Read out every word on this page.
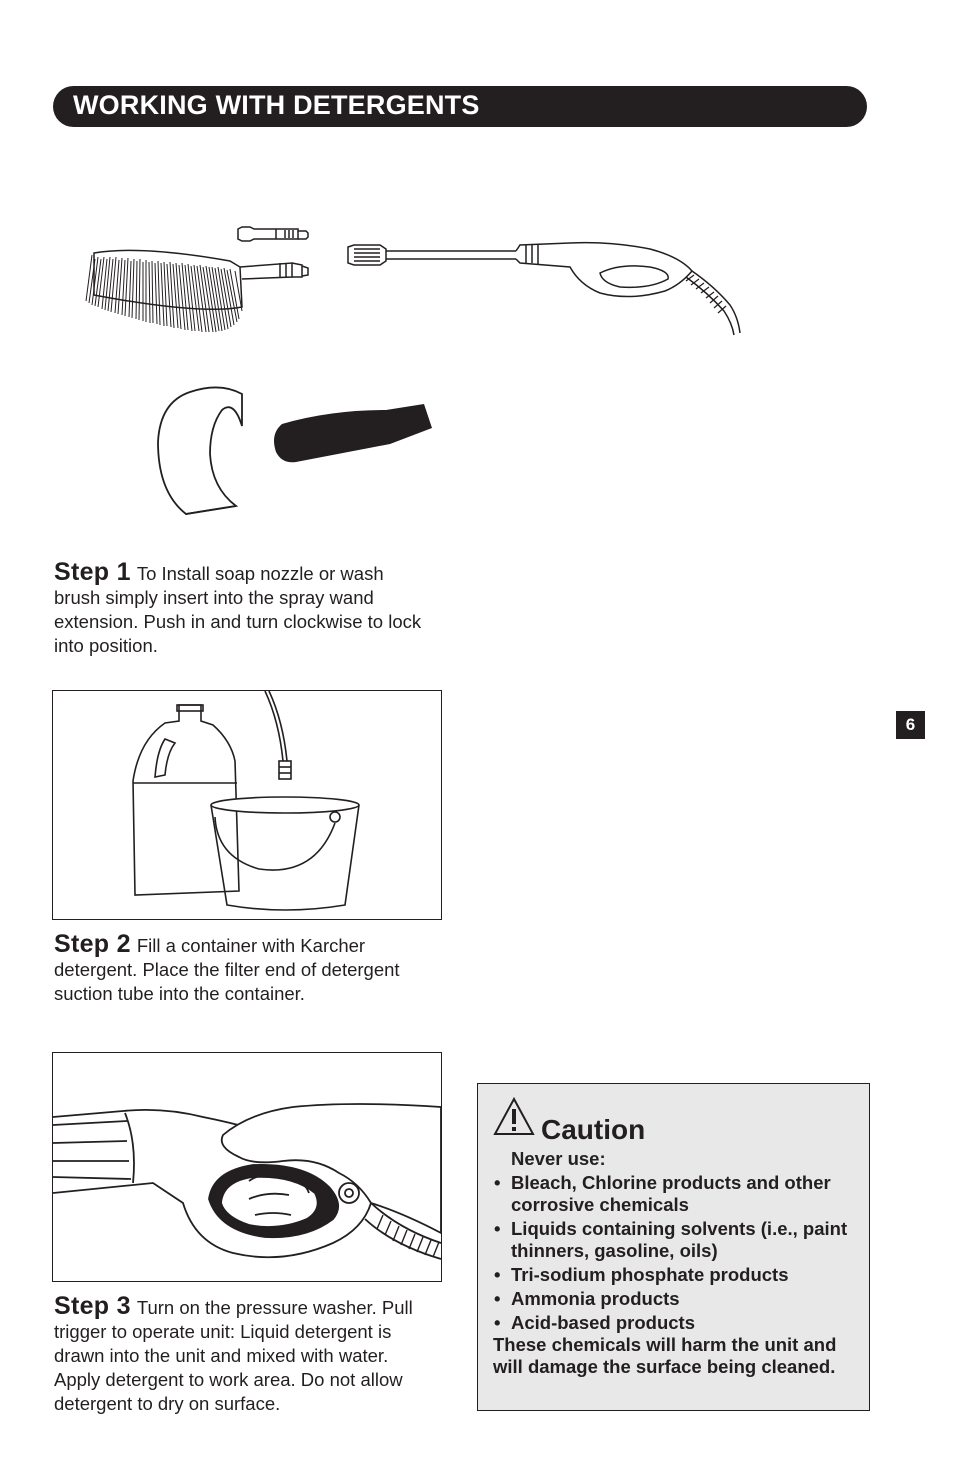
WORKING WITH DETERGENTS
Step 1 To Install soap nozzle or wash brush simply insert into the spray wand extension. Push in and turn clockwise to lock into position.
Step 2 Fill a container with Karcher detergent. Place the filter end of detergent suction tube into the container.
Step 3 Turn on the pressure washer. Pull trigger to operate unit: Liquid detergent is drawn into the unit and mixed with water. Apply detergent to work area. Do not allow detergent to dry on surface.
6
Caution
Never use:
• Bleach, Chlorine products and other corrosive chemicals
• Liquids containing solvents (i.e., paint thinners, gasoline, oils)
• Tri-sodium phosphate products
• Ammonia products
• Acid-based products
These chemicals will harm the unit and will damage the surface being cleaned.
